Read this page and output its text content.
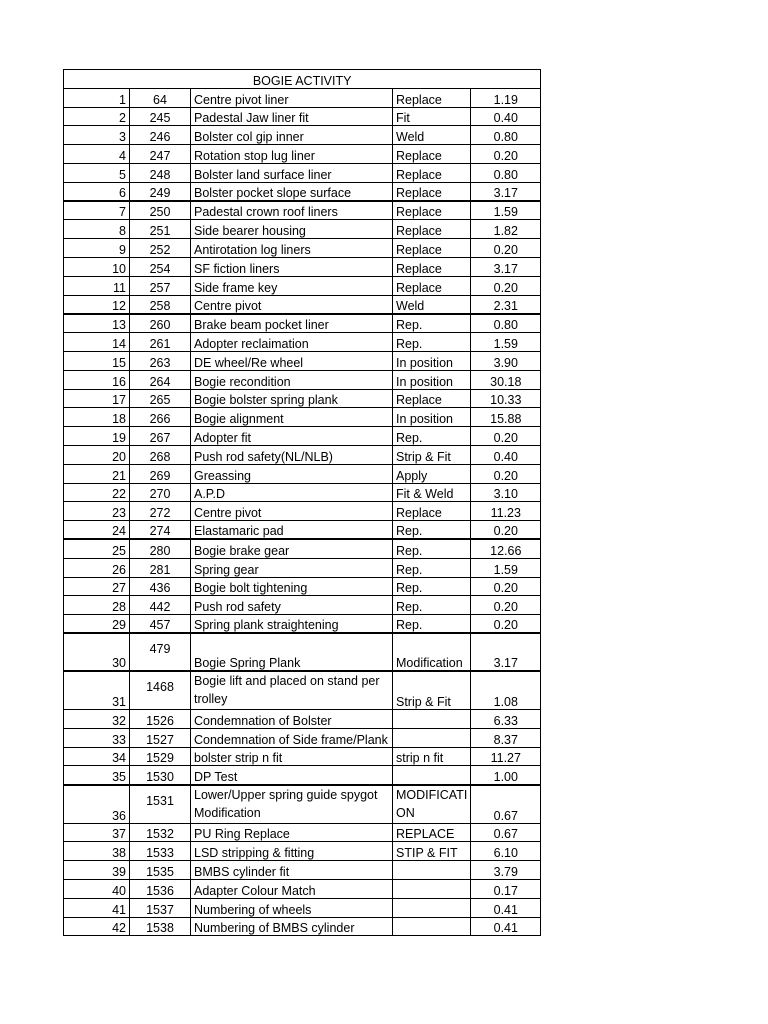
BOGIE ACTIVITY				
1	64	Centre pivot liner	Replace	1.19
2	245	Padestal Jaw liner fit	Fit	0.40
3	246	Bolster col gip inner	Weld	0.80
4	247	Rotation stop lug liner	Replace	0.20
5	248	Bolster land surface liner	Replace	0.80
6	249	Bolster pocket slope surface	Replace	3.17
7	250	Padestal crown roof liners	Replace	1.59
8	251	Side bearer housing	Replace	1.82
9	252	Antirotation log liners	Replace	0.20
10	254	SF fiction liners	Replace	3.17
11	257	Side frame key	Replace	0.20
12	258	Centre pivot	Weld	2.31
13	260	Brake beam pocket liner	Rep.	0.80
14	261	Adopter reclaimation	Rep.	1.59
15	263	DE wheel/Re wheel	In position	3.90
16	264	Bogie recondition	In position	30.18
17	265	Bogie bolster spring plank	Replace	10.33
18	266	Bogie alignment	In position	15.88
19	267	Adopter fit	Rep.	0.20
20	268	Push rod safety(NL/NLB)	Strip & Fit	0.40
21	269	Greassing	Apply	0.20
22	270	A.P.D	Fit & Weld	3.10
23	272	Centre pivot	Replace	11.23
24	274	Elastamaric pad	Rep.	0.20
25	280	Bogie brake gear	Rep.	12.66
26	281	Spring gear	Rep.	1.59
27	436	Bogie bolt tightening	Rep.	0.20
28	442	Push rod safety	Rep.	0.20
29	457	Spring plank straightening	Rep.	0.20
30	479	Bogie Spring Plank	Modification	3.17
31	1468	Bogie lift and placed on stand per trolley	Strip & Fit	1.08
32	1526	Condemnation of Bolster		6.33
33	1527	Condemnation of Side frame/Plank		8.37
34	1529	bolster strip n fit	strip n fit	11.27
35	1530	DP Test		1.00
36	1531	Lower/Upper spring guide spygot Modification	MODIFICATI ON	0.67
37	1532	PU Ring Replace	REPLACE	0.67
38	1533	LSD stripping & fitting	STIP & FIT	6.10
39	1535	BMBS cylinder fit		3.79
40	1536	Adapter Colour Match		0.17
41	1537	Numbering of wheels		0.41
42	1538	Numbering of BMBS cylinder		0.41
